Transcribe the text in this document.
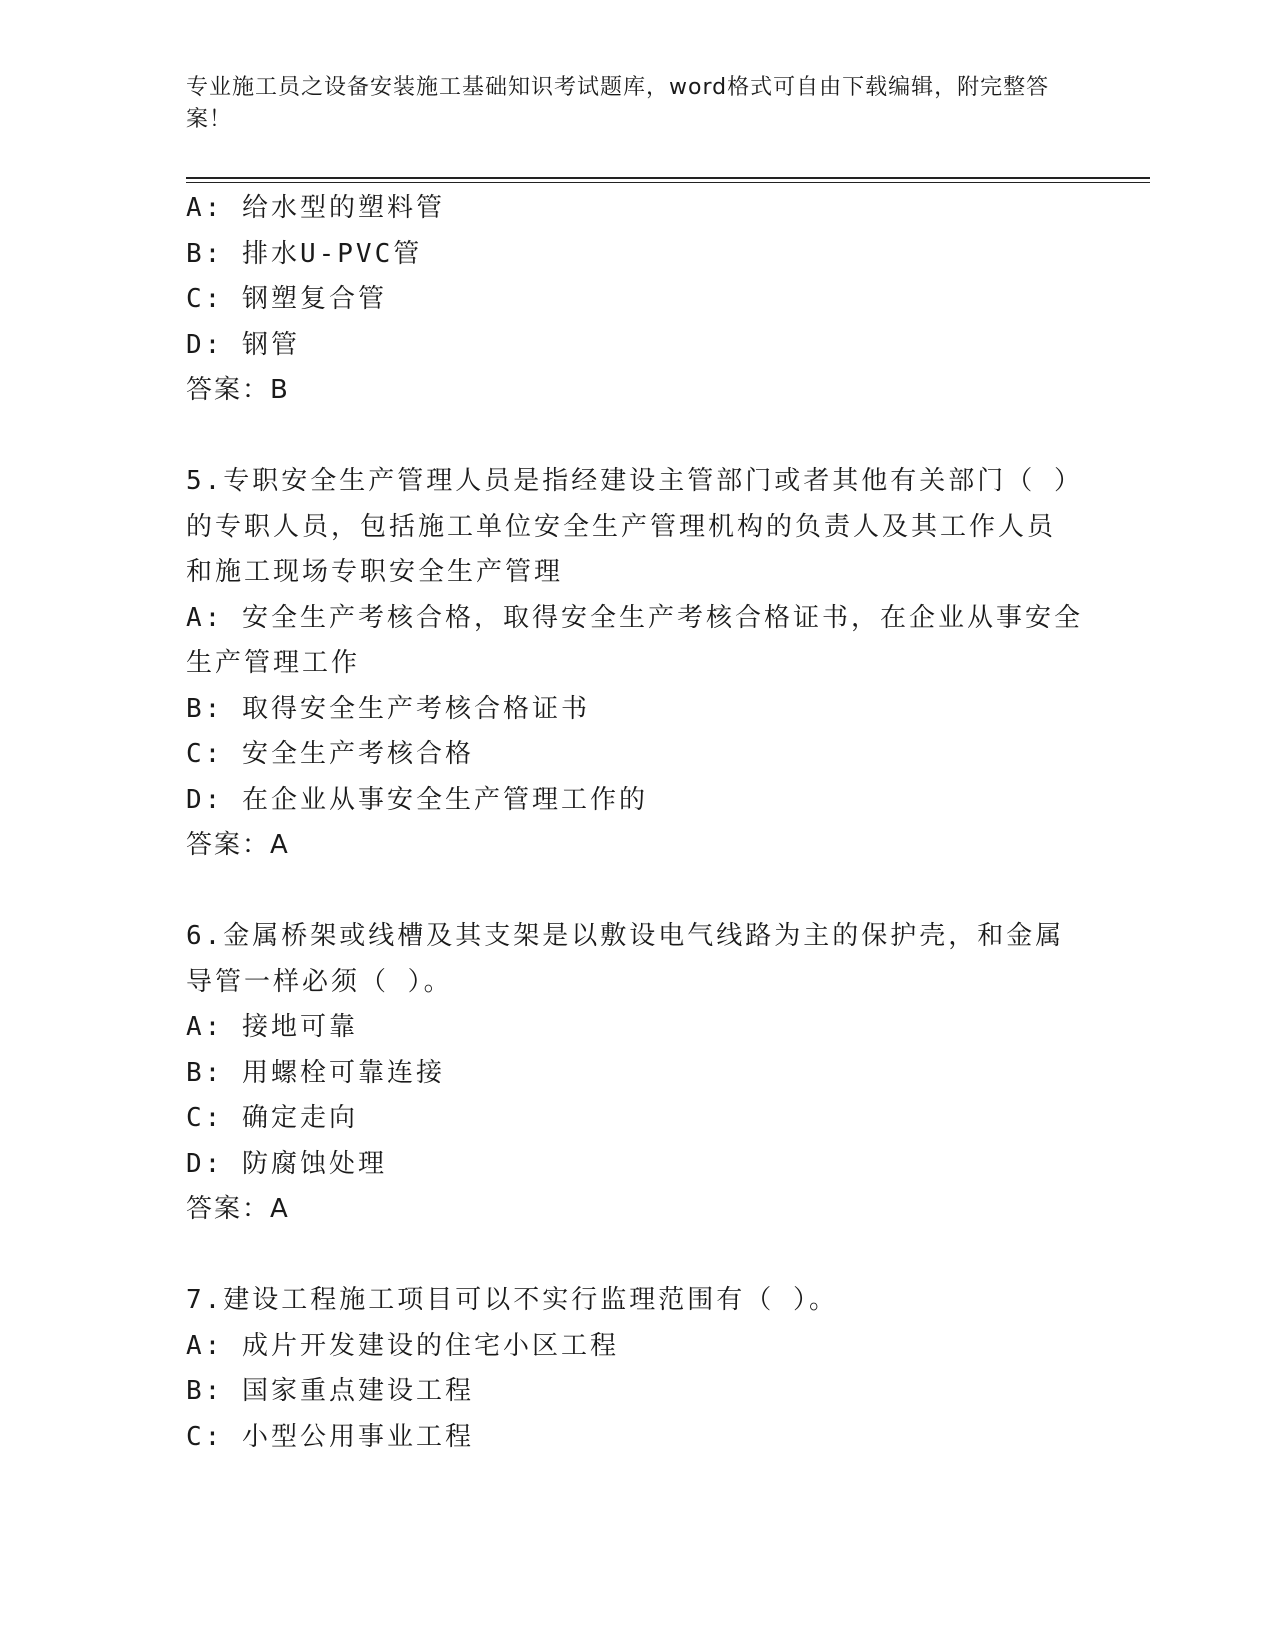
专业施工员之设备安装施工基础知识考试题库，word格式可自由下载编辑，附完整答案！
A: 给水型的塑料管
B: 排水U-PVC管
C: 钢塑复合管
D: 钢管
答案：B
5.专职安全生产管理人员是指经建设主管部门或者其他有关部门（ ）
的专职人员，包括施工单位安全生产管理机构的负责人及其工作人员
和施工现场专职安全生产管理
A: 安全生产考核合格，取得安全生产考核合格证书，在企业从事安全
生产管理工作
B: 取得安全生产考核合格证书
C: 安全生产考核合格
D: 在企业从事安全生产管理工作的
答案：A
6.金属桥架或线槽及其支架是以敷设电气线路为主的保护壳，和金属
导管一样必须（ ）。
A: 接地可靠
B: 用螺栓可靠连接
C: 确定走向
D: 防腐蚀处理
答案：A
7.建设工程施工项目可以不实行监理范围有（ ）。
A: 成片开发建设的住宅小区工程
B: 国家重点建设工程
C: 小型公用事业工程
